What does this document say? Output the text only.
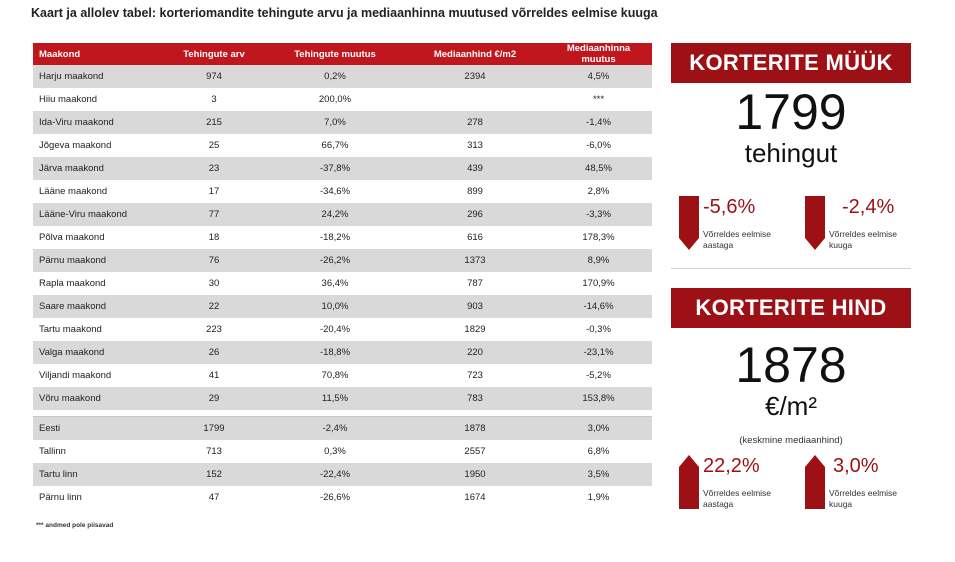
Kaart ja allolev tabel: korteriomandite tehingute arvu ja mediaanhinna muutused võrreldes eelmise kuuga
Maakond	Tehingute arv	Tehingute muutus	Mediaanhind €/m2	Mediaanhinna muutus
Harju maakond	974	0,2%	2394	4,5%
Hiiu maakond	3	200,0%		***
Ida-Viru maakond	215	7,0%	278	-1,4%
Jõgeva maakond	25	66,7%	313	-6,0%
Järva maakond	23	-37,8%	439	48,5%
Lääne maakond	17	-34,6%	899	2,8%
Lääne-Viru maakond	77	24,2%	296	-3,3%
Põlva maakond	18	-18,2%	616	178,3%
Pärnu maakond	76	-26,2%	1373	8,9%
Rapla maakond	30	36,4%	787	170,9%
Saare maakond	22	10,0%	903	-14,6%
Tartu maakond	223	-20,4%	1829	-0,3%
Valga maakond	26	-18,8%	220	-23,1%
Viljandi maakond	41	70,8%	723	-5,2%
Võru maakond	29	11,5%	783	153,8%

Eesti	1799	-2,4%	1878	3,0%
Tallinn	713	0,3%	2557	6,8%
Tartu linn	152	-22,4%	1950	3,5%
Pärnu linn	47	-26,6%	1674	1,9%
*** andmed pole piisavad
KORTERITE MÜÜK
1799
tehingut
-5,6%
Võrreldes eelmise aastaga
-2,4%
Võrreldes eelmise kuuga
KORTERITE HIND
1878
€/m²
(keskmine mediaanhind)
22,2%
Võrreldes eelmise aastaga
3,0%
Võrreldes eelmise kuuga
